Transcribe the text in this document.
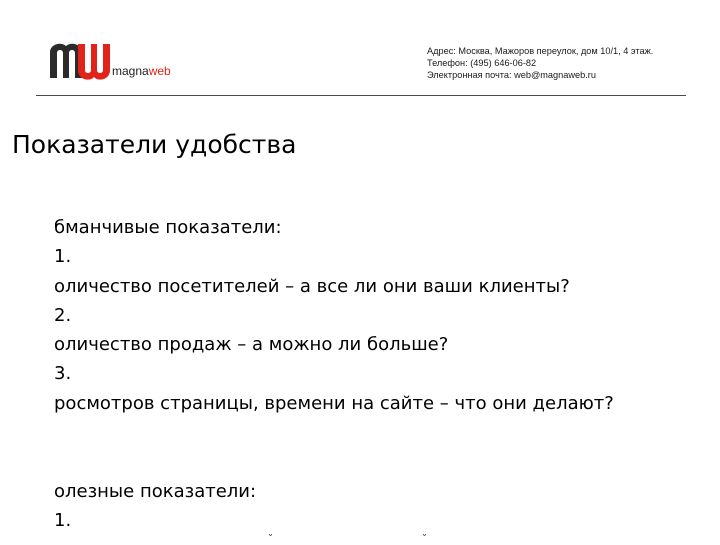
magnaweb
Адрес: Москва, Мажоров переулок, дом 10/1, 4 этаж.
Телефон: (495) 646-06-82
Электронная почта: web@magnaweb.ru
Показатели удобства
бманчивые показатели:
1.
оличество посетителей – а все ли они ваши клиенты?
2.
оличество продаж – а можно ли больше?
3.
росмотров страницы, времени на сайте – что они делают?
олезные показатели:
1.
˘	˘
